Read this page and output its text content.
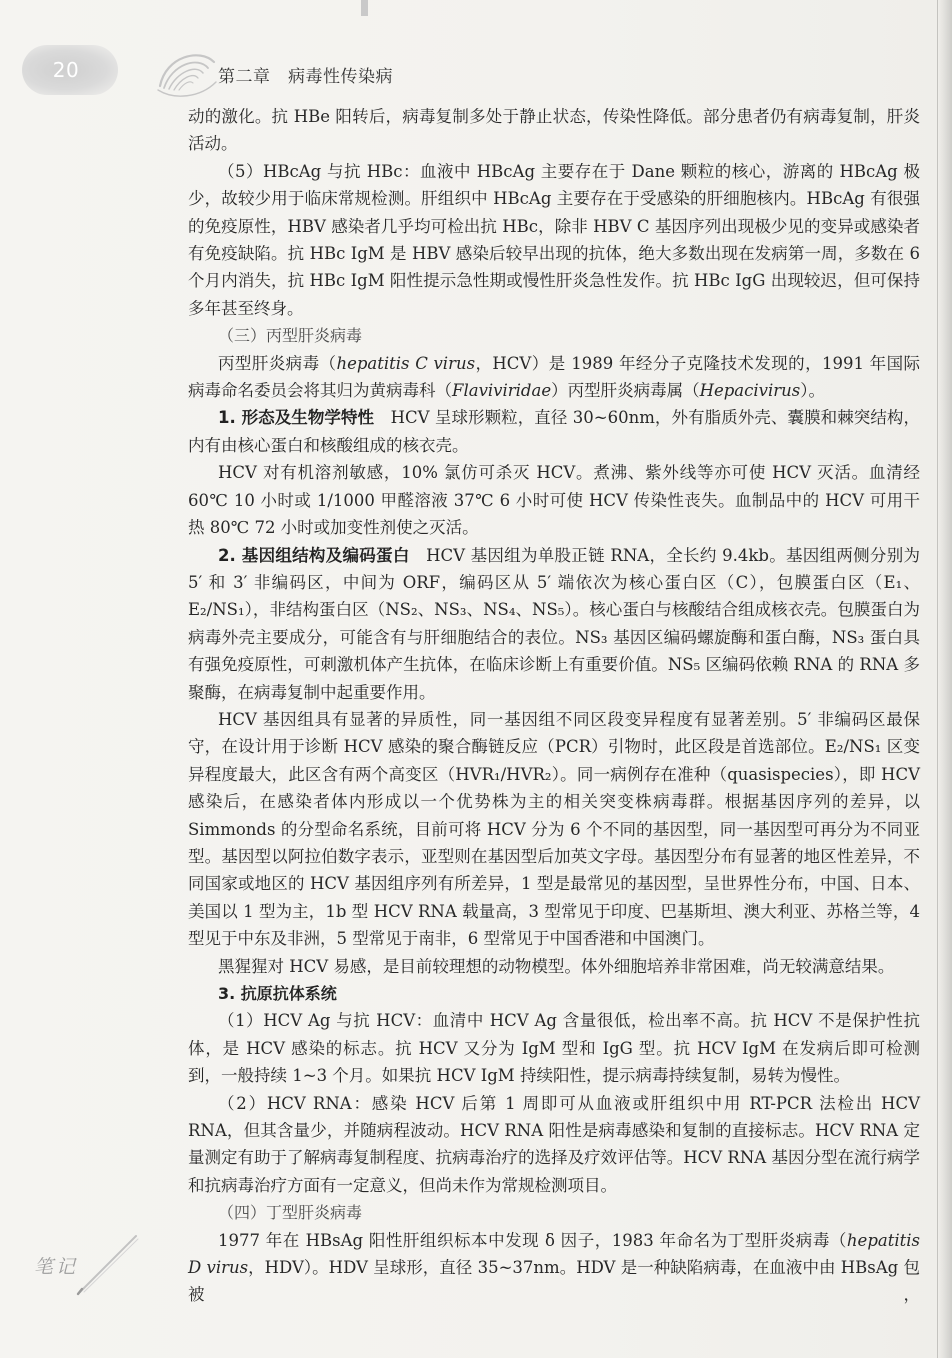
20	第二章　病毒性传染病

动的激化。抗 HBe 阳转后，病毒复制多处于静止状态，传染性降低。部分患者仍有病毒复制，肝炎活动。

（5）HBcAg 与抗 HBc：血液中 HBcAg 主要存在于 Dane 颗粒的核心，游离的 HBcAg 极少，故较少用于临床常规检测。肝组织中 HBcAg 主要存在于受感染的肝细胞核内。HBcAg 有很强的免疫原性，HBV 感染者几乎均可检出抗 HBc，除非 HBV C 基因序列出现极少见的变异或感染者有免疫缺陷。抗 HBc IgM 是 HBV 感染后较早出现的抗体，绝大多数出现在发病第一周，多数在 6 个月内消失，抗 HBc IgM 阳性提示急性期或慢性肝炎急性发作。抗 HBc IgG 出现较迟，但可保持多年甚至终身。

（三）丙型肝炎病毒

丙型肝炎病毒（hepatitis C virus，HCV）是 1989 年经分子克隆技术发现的，1991 年国际病毒命名委员会将其归为黄病毒科（Flaviviridae）丙型肝炎病毒属（Hepacivirus）。

1. 形态及生物学特性 HCV 呈球形颗粒，直径 30~60nm，外有脂质外壳、囊膜和棘突结构，内有由核心蛋白和核酸组成的核衣壳。

HCV 对有机溶剂敏感，10% 氯仿可杀灭 HCV。煮沸、紫外线等亦可使 HCV 灭活。血清经 60℃ 10 小时或 1/1000 甲醛溶液 37℃ 6 小时可使 HCV 传染性丧失。血制品中的 HCV 可用干热 80℃ 72 小时或加变性剂使之灭活。

2. 基因组结构及编码蛋白 HCV 基因组为单股正链 RNA，全长约 9.4kb。基因组两侧分别为 5′ 和 3′ 非编码区，中间为 ORF，编码区从 5′ 端依次为核心蛋白区（C），包膜蛋白区（E₁、E₂/NS₁），非结构蛋白区（NS₂、NS₃、NS₄、NS₅）。核心蛋白与核酸结合组成核衣壳。包膜蛋白为病毒外壳主要成分，可能含有与肝细胞结合的表位。NS₃ 基因区编码螺旋酶和蛋白酶，NS₃ 蛋白具有强免疫原性，可刺激机体产生抗体，在临床诊断上有重要价值。NS₅ 区编码依赖 RNA 的 RNA 多聚酶，在病毒复制中起重要作用。

HCV 基因组具有显著的异质性，同一基因组不同区段变异程度有显著差别。5′ 非编码区最保守，在设计用于诊断 HCV 感染的聚合酶链反应（PCR）引物时，此区段是首选部位。E₂/NS₁ 区变异程度最大，此区含有两个高变区（HVR₁/HVR₂）。同一病例存在准种（quasispecies），即 HCV 感染后，在感染者体内形成以一个优势株为主的相关突变株病毒群。根据基因序列的差异，以 Simmonds 的分型命名系统，目前可将 HCV 分为 6 个不同的基因型，同一基因型可再分为不同亚型。基因型以阿拉伯数字表示，亚型则在基因型后加英文字母。基因型分布有显著的地区性差异，不同国家或地区的 HCV 基因组序列有所差异，1 型是最常见的基因型，呈世界性分布，中国、日本、美国以 1 型为主，1b 型 HCV RNA 载量高，3 型常见于印度、巴基斯坦、澳大利亚、苏格兰等，4 型见于中东及非洲，5 型常见于南非，6 型常见于中国香港和中国澳门。

黑猩猩对 HCV 易感，是目前较理想的动物模型。体外细胞培养非常困难，尚无较满意结果。

3. 抗原抗体系统

（1）HCV Ag 与抗 HCV：血清中 HCV Ag 含量很低，检出率不高。抗 HCV 不是保护性抗体，是 HCV 感染的标志。抗 HCV 又分为 IgM 型和 IgG 型。抗 HCV IgM 在发病后即可检测到，一般持续 1~3 个月。如果抗 HCV IgM 持续阳性，提示病毒持续复制，易转为慢性。

（2）HCV RNA：感染 HCV 后第 1 周即可从血液或肝组织中用 RT-PCR 法检出 HCV RNA，但其含量少，并随病程波动。HCV RNA 阳性是病毒感染和复制的直接标志。HCV RNA 定量测定有助于了解病毒复制程度、抗病毒治疗的选择及疗效评估等。HCV RNA 基因分型在流行病学和抗病毒治疗方面有一定意义，但尚未作为常规检测项目。

（四）丁型肝炎病毒

1977 年在 HBsAg 阳性肝组织标本中发现 δ 因子，1983 年命名为丁型肝炎病毒（hepatitis D virus，HDV）。HDV 呈球形，直径 35~37nm。HDV 是一种缺陷病毒，在血液中由 HBsAg 包被，

笔记
